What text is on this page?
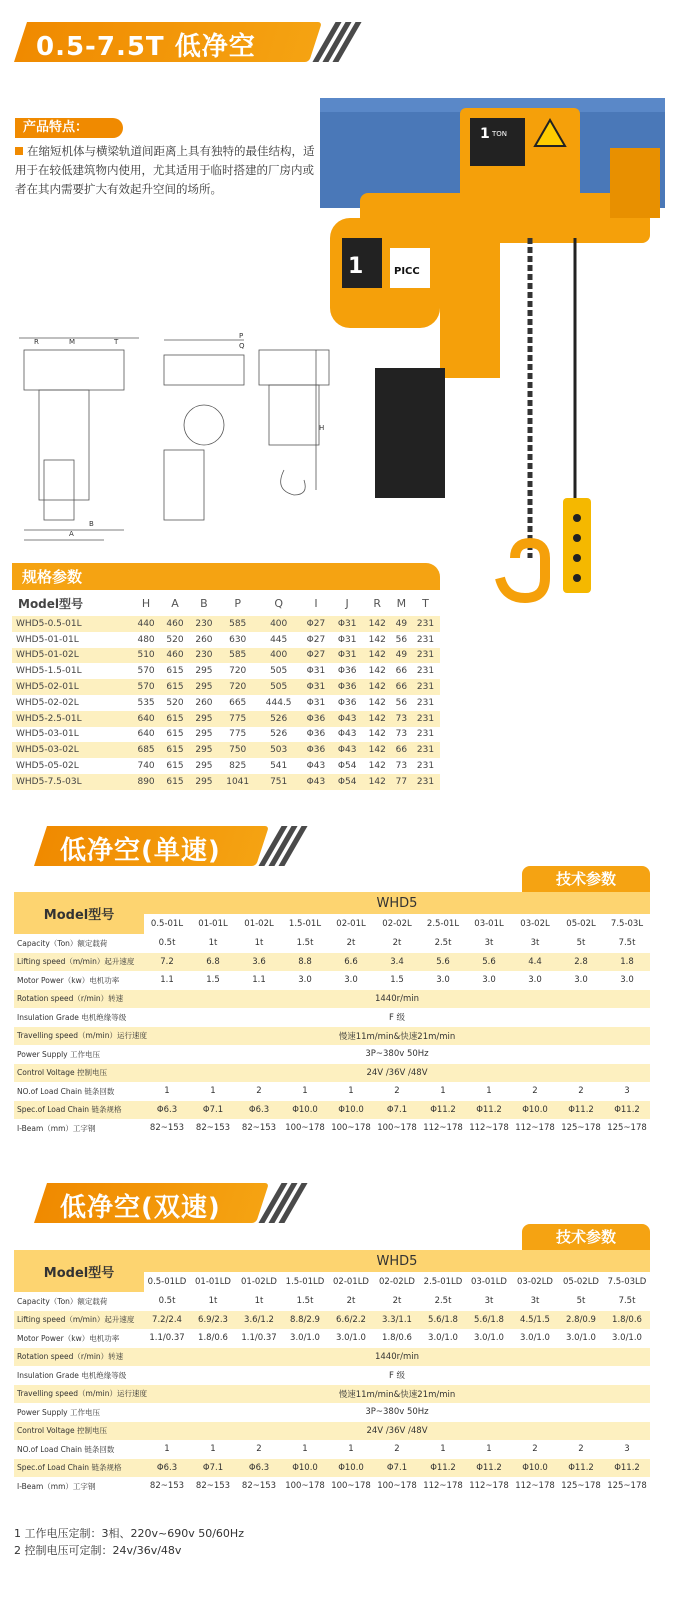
0.5-7.5T 低净空
产品特点：
在缩短机体与横梁轨道间距离上具有独特的最佳结构，适用于在较低建筑物内使用，尤其适用于临时搭建的厂房内或者在其内需要扩大有效起升空间的场所。
1 TON
1	PICC
R	M	T
P
Q
H
A
B
规格参数
Model型号	H	A	B	P	Q	I	J	R	M	T
WHD5-0.5-01L	440	460	230	585	400	Φ27	Φ31	142	49	231
WHD5-01-01L	480	520	260	630	445	Φ27	Φ31	142	56	231
WHD5-01-02L	510	460	230	585	400	Φ27	Φ31	142	49	231
WHD5-1.5-01L	570	615	295	720	505	Φ31	Φ36	142	66	231
WHD5-02-01L	570	615	295	720	505	Φ31	Φ36	142	66	231
WHD5-02-02L	535	520	260	665	444.5	Φ31	Φ36	142	56	231
WHD5-2.5-01L	640	615	295	775	526	Φ36	Φ43	142	73	231
WHD5-03-01L	640	615	295	775	526	Φ36	Φ43	142	73	231
WHD5-03-02L	685	615	295	750	503	Φ36	Φ43	142	66	231
WHD5-05-02L	740	615	295	825	541	Φ43	Φ54	142	73	231
WHD5-7.5-03L	890	615	295	1041	751	Φ43	Φ54	142	77	231
低净空(单速)
技术参数
Model型号	WHD5										
	0.5-01L	01-01L	01-02L	1.5-01L	02-01L	02-02L	2.5-01L	03-01L	03-02L	05-02L	7.5-03L
Capacity（Ton）额定载荷	0.5t	1t	1t	1.5t	2t	2t	2.5t	3t	3t	5t	7.5t
Lifting speed（m/min）起升速度	7.2	6.8	3.6	8.8	6.6	3.4	5.6	5.6	4.4	2.8	1.8
Motor Power（kw）电机功率	1.1	1.5	1.1	3.0	3.0	1.5	3.0	3.0	3.0	3.0	3.0
Rotation speed（r/min）转速	1440r/min										
Insulation Grade 电机绝缘等级	F 级										
Travelling speed（m/min）运行速度	慢速11m/min&快速21m/min										
Power Supply 工作电压	3P~380v 50Hz										
Control Voltage 控制电压	24V /36V /48V										
NO.of Load Chain 链条回数	1	1	2	1	1	2	1	1	2	2	3
Spec.of Load Chain 链条规格	Φ6.3	Φ7.1	Φ6.3	Φ10.0	Φ10.0	Φ7.1	Φ11.2	Φ11.2	Φ10.0	Φ11.2	Φ11.2
I-Beam（mm）工字钢	82~153	82~153	82~153	100~178	100~178	100~178	112~178	112~178	112~178	125~178	125~178
低净空(双速)
技术参数
Model型号	WHD5										
	0.5-01LD	01-01LD	01-02LD	1.5-01LD	02-01LD	02-02LD	2.5-01LD	03-01LD	03-02LD	05-02LD	7.5-03LD
Capacity（Ton）额定载荷	0.5t	1t	1t	1.5t	2t	2t	2.5t	3t	3t	5t	7.5t
Lifting speed（m/min）起升速度	7.2/2.4	6.9/2.3	3.6/1.2	8.8/2.9	6.6/2.2	3.3/1.1	5.6/1.8	5.6/1.8	4.5/1.5	2.8/0.9	1.8/0.6
Motor Power（kw）电机功率	1.1/0.37	1.8/0.6	1.1/0.37	3.0/1.0	3.0/1.0	1.8/0.6	3.0/1.0	3.0/1.0	3.0/1.0	3.0/1.0	3.0/1.0
Rotation speed（r/min）转速	1440r/min										
Insulation Grade 电机绝缘等级	F 级										
Travelling speed（m/min）运行速度	慢速11m/min&快速21m/min										
Power Supply 工作电压	3P~380v 50Hz										
Control Voltage 控制电压	24V /36V /48V										
NO.of Load Chain 链条回数	1	1	2	1	1	2	1	1	2	2	3
Spec.of Load Chain 链条规格	Φ6.3	Φ7.1	Φ6.3	Φ10.0	Φ10.0	Φ7.1	Φ11.2	Φ11.2	Φ10.0	Φ11.2	Φ11.2
I-Beam（mm）工字钢	82~153	82~153	82~153	100~178	100~178	100~178	112~178	112~178	112~178	125~178	125~178
1 工作电压定制：3相、220v~690v 50/60Hz
2 控制电压可定制：24v/36v/48v
